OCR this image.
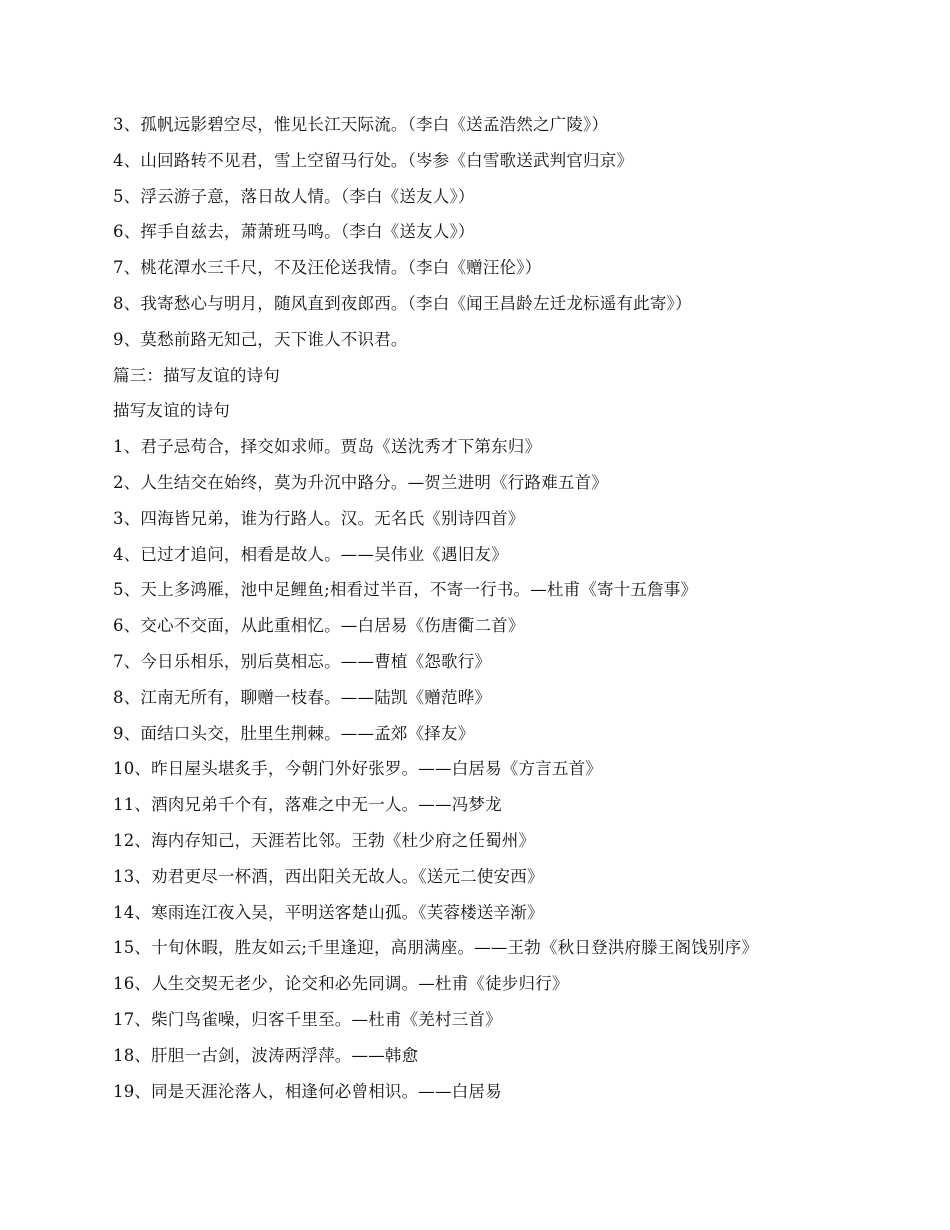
3、孤帆远影碧空尽，惟见长江天际流。（李白《送孟浩然之广陵》）
4、山回路转不见君，雪上空留马行处。（岑参《白雪歌送武判官归京》
5、浮云游子意，落日故人情。（李白《送友人》）
6、挥手自兹去，萧萧班马鸣。（李白《送友人》）
7、桃花潭水三千尺，不及汪伦送我情。（李白《赠汪伦》）
8、我寄愁心与明月，随风直到夜郎西。（李白《闻王昌龄左迁龙标遥有此寄》）
9、莫愁前路无知己，天下谁人不识君。
篇三：描写友谊的诗句
描写友谊的诗句
1、君子忌苟合，择交如求师。贾岛《送沈秀才下第东归》
2、人生结交在始终，莫为升沉中路分。—贺兰进明《行路难五首》
3、四海皆兄弟，谁为行路人。汉。无名氏《别诗四首》
4、已过才追问，相看是故人。——吴伟业《遇旧友》
5、天上多鸿雁，池中足鲤鱼;相看过半百，不寄一行书。—杜甫《寄十五詹事》
6、交心不交面，从此重相忆。—白居易《伤唐衢二首》
7、今日乐相乐，别后莫相忘。——曹植《怨歌行》
8、江南无所有，聊赠一枝春。——陆凯《赠范晔》
9、面结口头交，肚里生荆棘。——孟郊《择友》
10、昨日屋头堪炙手，今朝门外好张罗。——白居易《方言五首》
11、酒肉兄弟千个有，落难之中无一人。——冯梦龙
12、海内存知己，天涯若比邻。王勃《杜少府之任蜀州》
13、劝君更尽一杯酒，西出阳关无故人。《送元二使安西》
14、寒雨连江夜入吴，平明送客楚山孤。《芙蓉楼送辛渐》
15、十旬休暇，胜友如云;千里逢迎，高朋满座。——王勃《秋日登洪府滕王阁饯别序》
16、人生交契无老少，论交和必先同调。—杜甫《徒步归行》
17、柴门鸟雀噪，归客千里至。—杜甫《羌村三首》
18、肝胆一古剑，波涛两浮萍。——韩愈
19、同是天涯沦落人，相逢何必曾相识。——白居易
